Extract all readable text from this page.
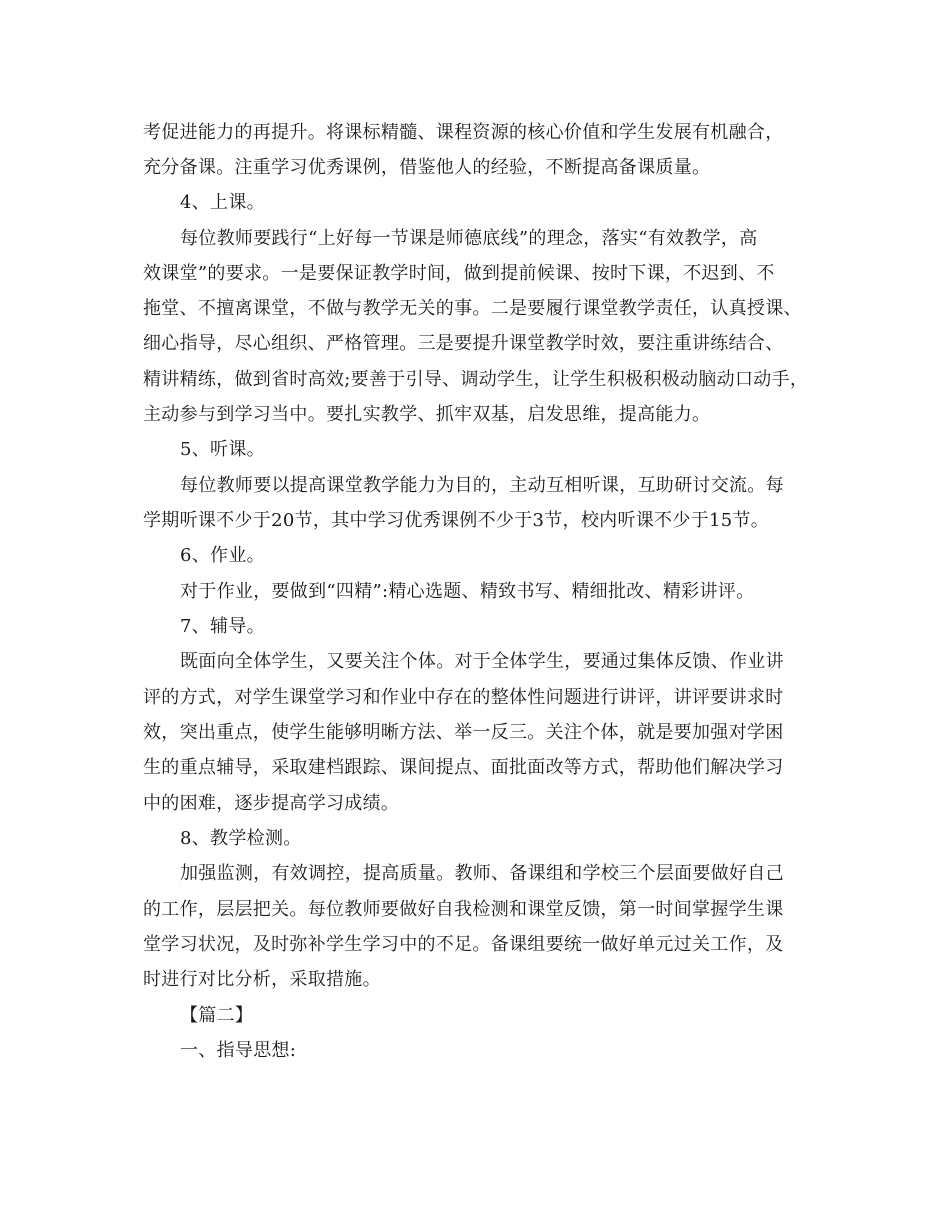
考促进能力的再提升。将课标精髓、课程资源的核心价值和学生发展有机融合，
充分备课。注重学习优秀课例，借鉴他人的经验，不断提高备课质量。
4、上课。
每位教师要践行“上好每一节课是师德底线”的理念，落实“有效教学，高
效课堂”的要求。一是要保证教学时间，做到提前候课、按时下课，不迟到、不
拖堂、不擅离课堂，不做与教学无关的事。二是要履行课堂教学责任，认真授课、
细心指导，尽心组织、严格管理。三是要提升课堂教学时效，要注重讲练结合、
精讲精练，做到省时高效;要善于引导、调动学生，让学生积极积极动脑动口动手，
主动参与到学习当中。要扎实教学、抓牢双基，启发思维，提高能力。
5、听课。
每位教师要以提高课堂教学能力为目的，主动互相听课，互助研讨交流。每
学期听课不少于20节，其中学习优秀课例不少于3节，校内听课不少于15节。
6、作业。
对于作业，要做到“四精”:精心选题、精致书写、精细批改、精彩讲评。
7、辅导。
既面向全体学生，又要关注个体。对于全体学生，要通过集体反馈、作业讲
评的方式，对学生课堂学习和作业中存在的整体性问题进行讲评，讲评要讲求时
效，突出重点，使学生能够明晰方法、举一反三。关注个体，就是要加强对学困
生的重点辅导，采取建档跟踪、课间提点、面批面改等方式，帮助他们解决学习
中的困难，逐步提高学习成绩。
8、教学检测。
加强监测，有效调控，提高质量。教师、备课组和学校三个层面要做好自己
的工作，层层把关。每位教师要做好自我检测和课堂反馈，第一时间掌握学生课
堂学习状况，及时弥补学生学习中的不足。备课组要统一做好单元过关工作，及
时进行对比分析，采取措施。
【篇二】
一、指导思想:
